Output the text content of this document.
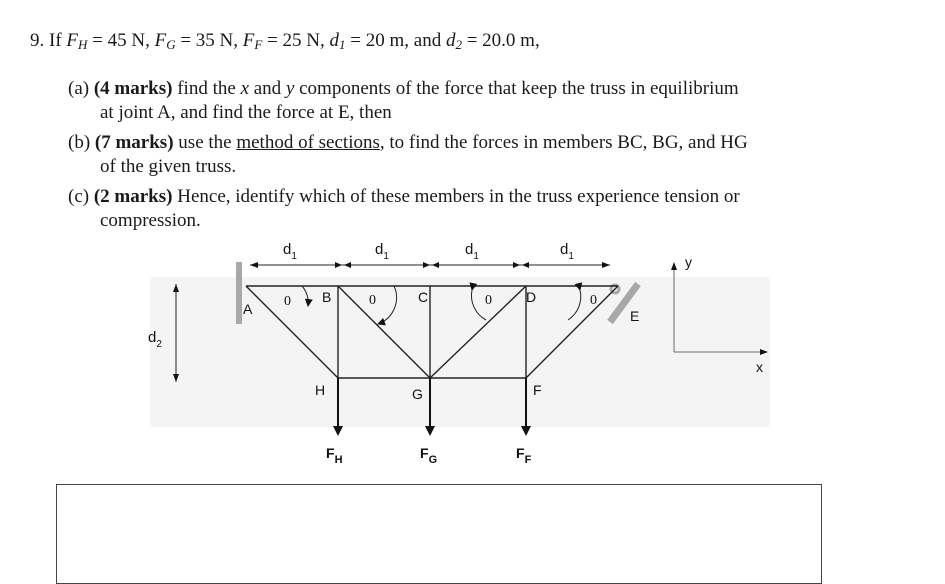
9. If $F_H = 45$ N, $F_G = 35$ N, $F_F = 25$ N, $d_1 = 20$ m, and $d_2 = 20.0$ m,
(a) (4 marks) find the x and y components of the force that keep the truss in equilibrium
at joint A, and find the force at E, then
(b) (7 marks) use the method of sections, to find the forces in members BC, BG, and HG
of the given truss.
(c) (2 marks) Hence, identify which of these members in the truss experience tension or
compression.
$d_1$	$d_1$	$d_1$	$d_1$
$d_2$
0	0	0	0
A
B	C	D
E
H	G	F
$F_H$	$F_G$	$F_F$
y
x
